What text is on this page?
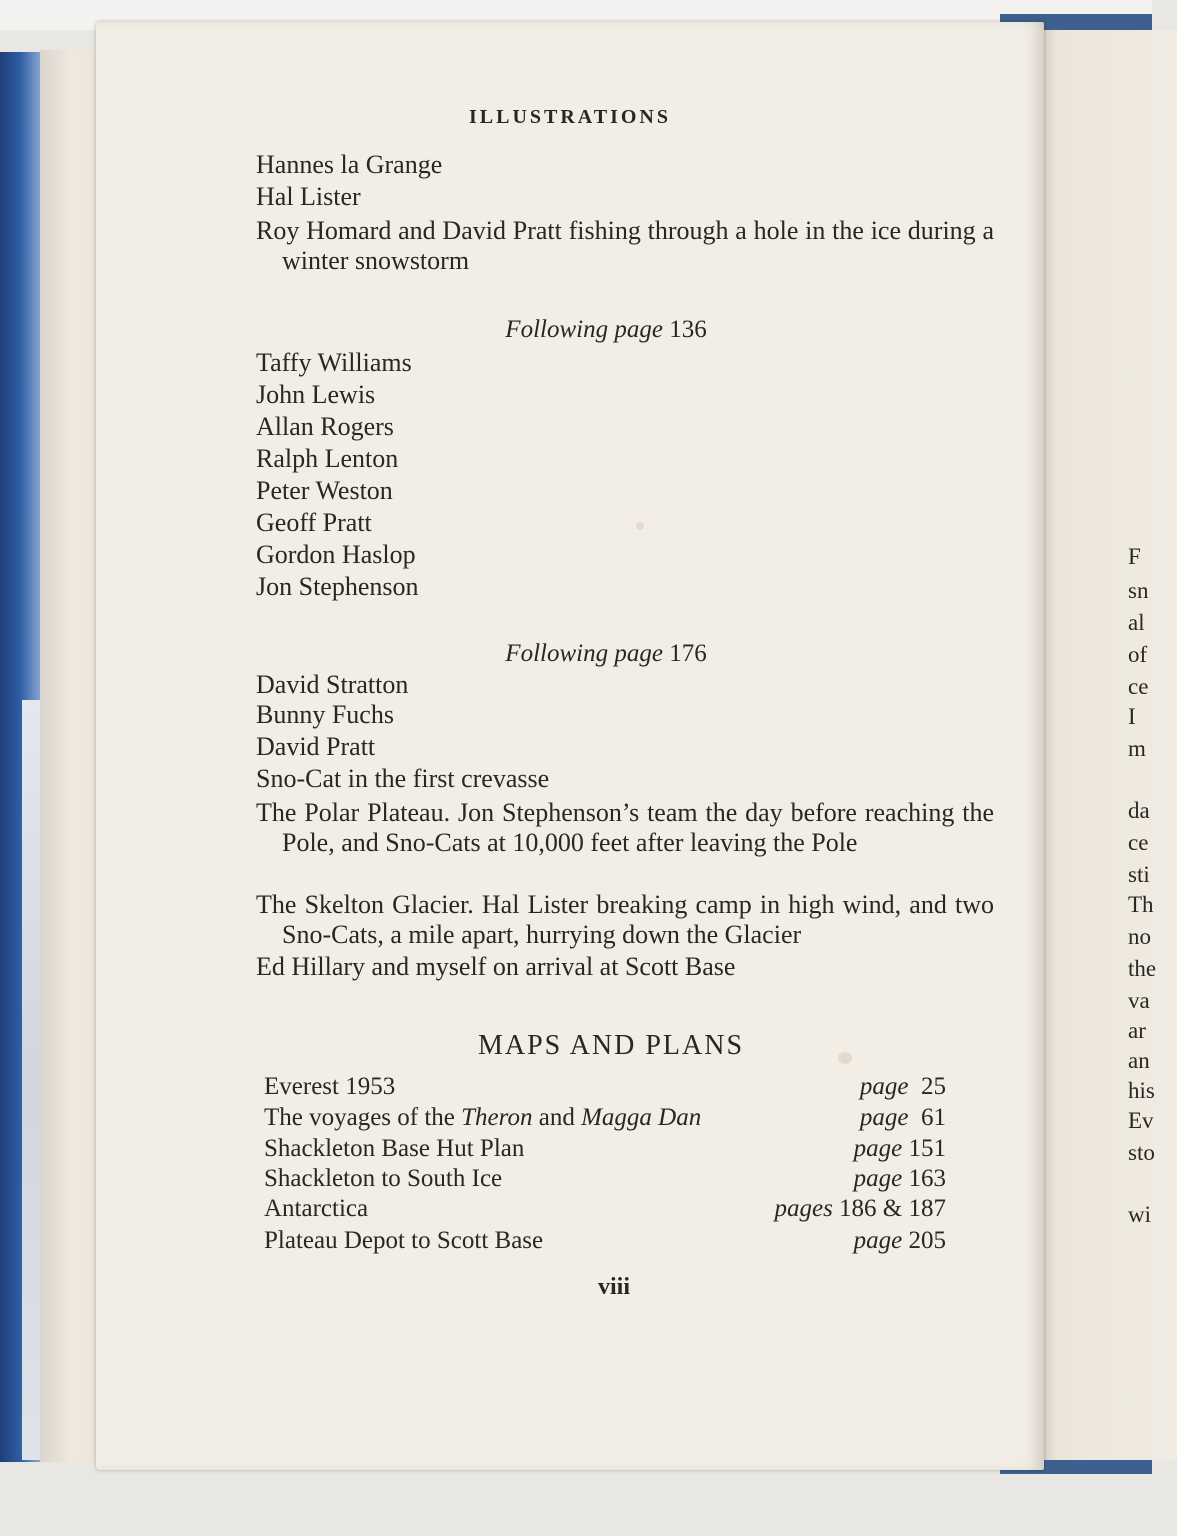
F
sn
al
of
ce
I
m
da
ce
sti
Th
no
the
va
ar
an
his
Ev
sto
wi
ILLUSTRATIONS
Hannes la Grange
Hal Lister
Roy Homard and David Pratt fishing through a hole in the ice during a winter snowstorm
Following page 136
Taffy Williams
John Lewis
Allan Rogers
Ralph Lenton
Peter Weston
Geoff Pratt
Gordon Haslop
Jon Stephenson
Following page 176
David Stratton
Bunny Fuchs
David Pratt
Sno-Cat in the first crevasse
The Polar Plateau. Jon Stephenson’s team the day before reaching the Pole, and Sno-Cats at 10,000 feet after leaving the Pole
The Skelton Glacier. Hal Lister breaking camp in high wind, and two Sno-Cats, a mile apart, hurrying down the Glacier
Ed Hillary and myself on arrival at Scott Base
MAPS AND PLANS
Everest 1953	page 25
The voyages of the Theron and Magga Dan	page 61
Shackleton Base Hut Plan	page 151
Shackleton to South Ice	page 163
Antarctica	pages 186 & 187
Plateau Depot to Scott Base	page 205
viii
